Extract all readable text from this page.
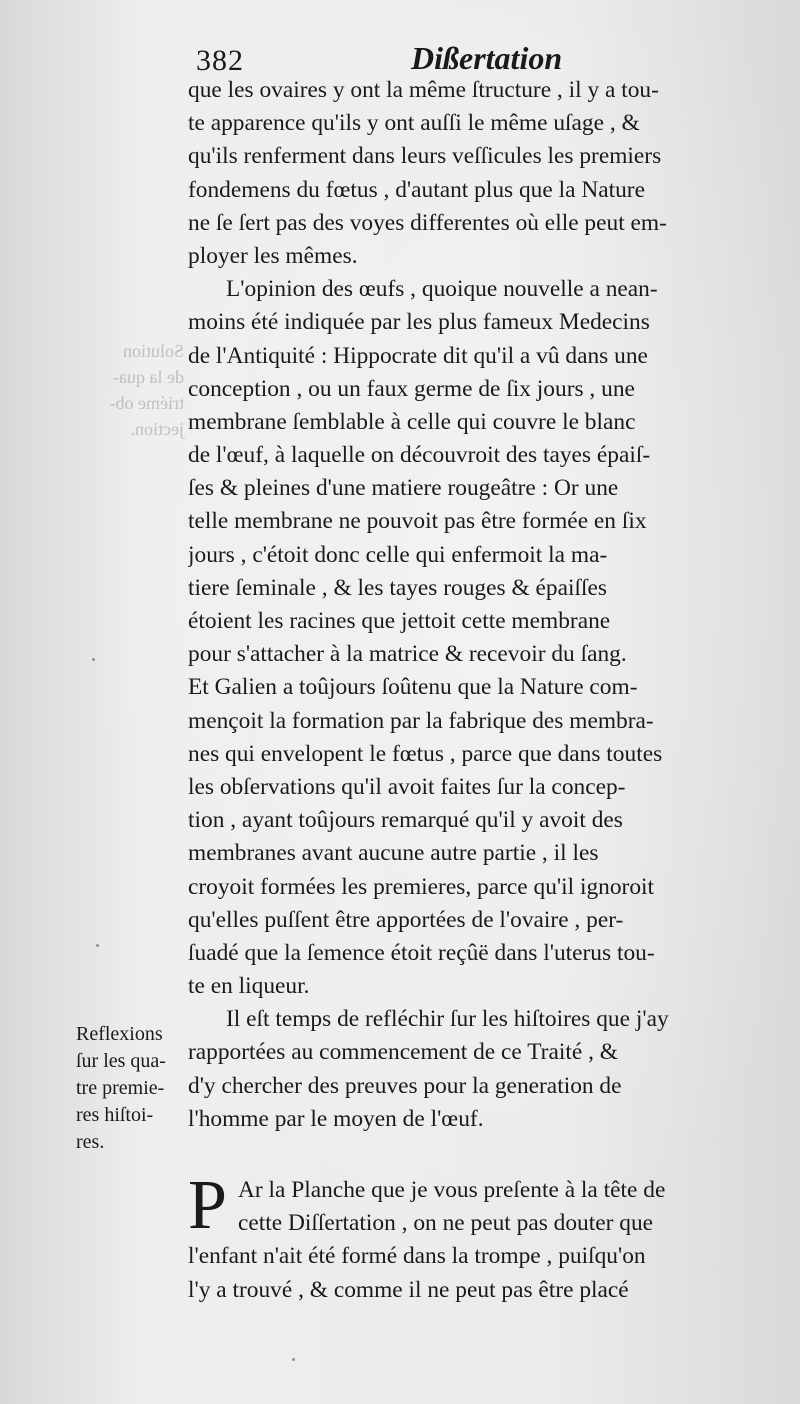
382	Dißertation
Solution
de la qua-
triéme ob-
jection.
que les ovaires y ont la même ſtructure , il y a tou-
te apparence qu'ils y ont auſſi le même uſage , &
qu'ils renferment dans leurs veſſicules les premiers
fondemens du fœtus , d'autant plus que la Nature
ne ſe ſert pas des voyes differentes où elle peut em-
ployer les mêmes.
L'opinion des œufs , quoique nouvelle a nean-
moins été indiquée par les plus fameux Medecins
de l'Antiquité : Hippocrate dit qu'il a vû dans une
conception , ou un faux germe de ſix jours , une
membrane ſemblable à celle qui couvre le blanc
de l'œuf, à laquelle on découvroit des tayes épaiſ-
ſes & pleines d'une matiere rougeâtre : Or une
telle membrane ne pouvoit pas être formée en ſix
jours , c'étoit donc celle qui enfermoit la ma-
tiere ſeminale , & les tayes rouges & épaiſſes
étoient les racines que jettoit cette membrane
pour s'attacher à la matrice & recevoir du ſang.
Et Galien a toûjours ſoûtenu que la Nature com-
mençoit la formation par la fabrique des membra-
nes qui envelopent le fœtus , parce que dans toutes
les obſervations qu'il avoit faites ſur la concep-
tion , ayant toûjours remarqué qu'il y avoit des
membranes avant aucune autre partie , il les
croyoit formées les premieres, parce qu'il ignoroit
qu'elles puſſent être apportées de l'ovaire , per-
ſuadé que la ſemence étoit reçûë dans l'uterus tou-
te en liqueur.
Il eſt temps de refléchir ſur les hiſtoires que j'ay
rapportées au commencement de ce Traité , &
d'y chercher des preuves pour la generation de
l'homme par le moyen de l'œuf.
P Ar la Planche que je vous preſente à la tête de
cette Diſſertation , on ne peut pas douter que
l'enfant n'ait été formé dans la trompe , puiſqu'on
l'y a trouvé , & comme il ne peut pas être placé
Reflexions
ſur les qua-
tre premie-
res hiſtoi-
res.
